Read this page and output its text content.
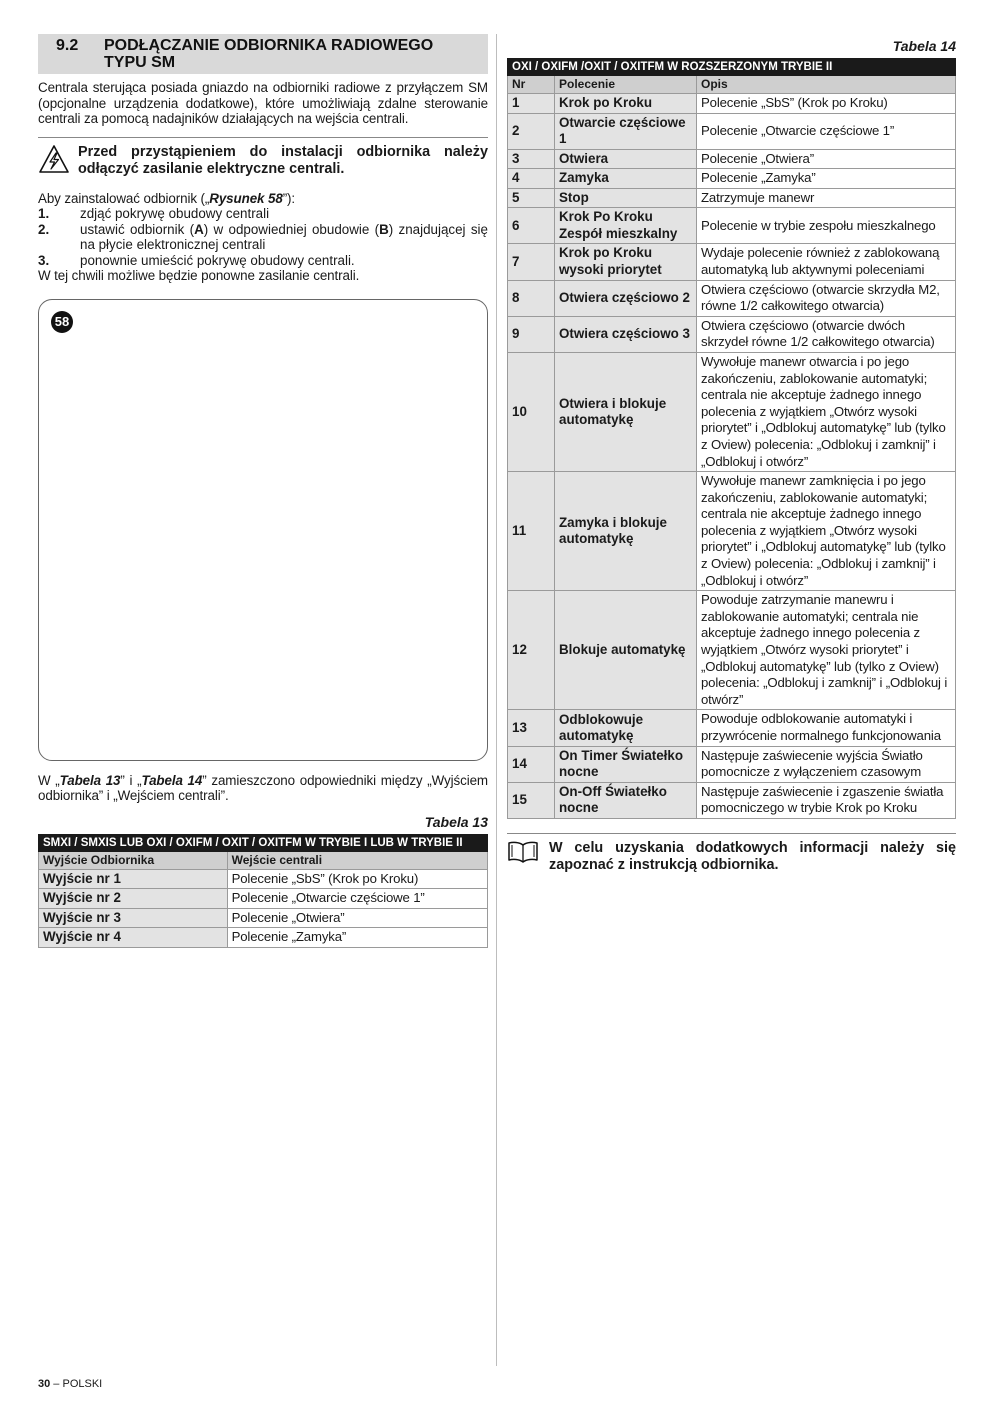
9.2	PODŁĄCZANIE ODBIORNIKA RADIOWEGO TYPU SM

Centrala sterująca posiada gniazdo na odbiorniki radiowe z przyłączem SM (opcjonalne urządzenia dodatkowe), które umożliwiają zdalne sterowanie centrali za pomocą nadajników działających na wejścia centrali.

Przed przystąpieniem do instalacji odbiornika należy odłączyć zasilanie elektryczne centrali.

Aby zainstalować odbiornik („Rysunek 58”):

1.	zdjąć pokrywę obudowy centrali
2.	ustawić odbiornik (A) w odpowiedniej obudowie (B) znajdującej się na płycie elektronicznej centrali
3.	ponownie umieścić pokrywę obudowy centrali.

W tej chwili możliwe będzie ponowne zasilanie centrali.

58

W „Tabela 13” i „Tabela 14” zamieszczono odpowiedniki między „Wyjściem odbiornika” i „Wejściem centrali”.

Tabela 13
SMXI / SMXIS LUB OXI / OXIFM / OXIT / OXITFM W TRYBIE I LUB W TRYBIE II	
Wyjście Odbiornika	Wejście centrali
Wyjście nr 1	Polecenie „SbS” (Krok po Kroku)
Wyjście nr 2	Polecenie „Otwarcie częściowe 1”
Wyjście nr 3	Polecenie „Otwiera”
Wyjście nr 4	Polecenie „Zamyka”
Tabela 14
OXI / OXIFM /OXIT / OXITFM W ROZSZERZONYM TRYBIE II		
Nr	Polecenie	Opis
1	Krok po Kroku	Polecenie „SbS” (Krok po Kroku)
2	Otwarcie częściowe 1	Polecenie „Otwarcie częściowe 1”
3	Otwiera	Polecenie „Otwiera”
4	Zamyka	Polecenie „Zamyka”
5	Stop	Zatrzymuje manewr
6	Krok Po Kroku Zespół mieszkalny	Polecenie w trybie zespołu mieszkalnego
7	Krok po Kroku wysoki priorytet	Wydaje polecenie również z zablokowaną automatyką lub aktywnymi poleceniami
8	Otwiera częściowo 2	Otwiera częściowo (otwarcie skrzydła M2, równe 1/2 całkowitego otwarcia)
9	Otwiera częściowo 3	Otwiera częściowo (otwarcie dwóch skrzydeł równe 1/2 całkowitego otwarcia)
10	Otwiera i blokuje automatykę	Wywołuje manewr otwarcia i po jego zakończeniu, zablokowanie automatyki; centrala nie akceptuje żadnego innego polecenia z wyjątkiem „Otwórz wysoki priorytet” i „Odblokuj automatykę” lub (tylko z Oview) polecenia: „Odblokuj i zamknij” i „Odblokuj i otwórz”
11	Zamyka i blokuje automatykę	Wywołuje manewr zamknięcia i po jego zakończeniu, zablokowanie automatyki; centrala nie akceptuje żadnego innego polecenia z wyjątkiem „Otwórz wysoki priorytet” i „Odblokuj automatykę” lub (tylko z Oview) polecenia: „Odblokuj i zamknij” i „Odblokuj i otwórz”
12	Blokuje automatykę	Powoduje zatrzymanie manewru i zablokowanie automatyki; centrala nie akceptuje żadnego innego polecenia z wyjątkiem „Otwórz wysoki priorytet” i „Odblokuj automatykę” lub (tylko z Oview) polecenia: „Odblokuj i zamknij” i „Odblokuj i otwórz”
13	Odblokowuje automatykę	Powoduje odblokowanie automatyki i przywrócenie normalnego funkcjonowania
14	On Timer Światełko nocne	Następuje zaświecenie wyjścia Światło pomocnicze z wyłączeniem czasowym
15	On-Off Światełko nocne	Następuje zaświecenie i zgaszenie światła pomocniczego w trybie Krok po Kroku
W celu uzyskania dodatkowych informacji należy się zapoznać z instrukcją odbiornika.
30 – POLSKI
